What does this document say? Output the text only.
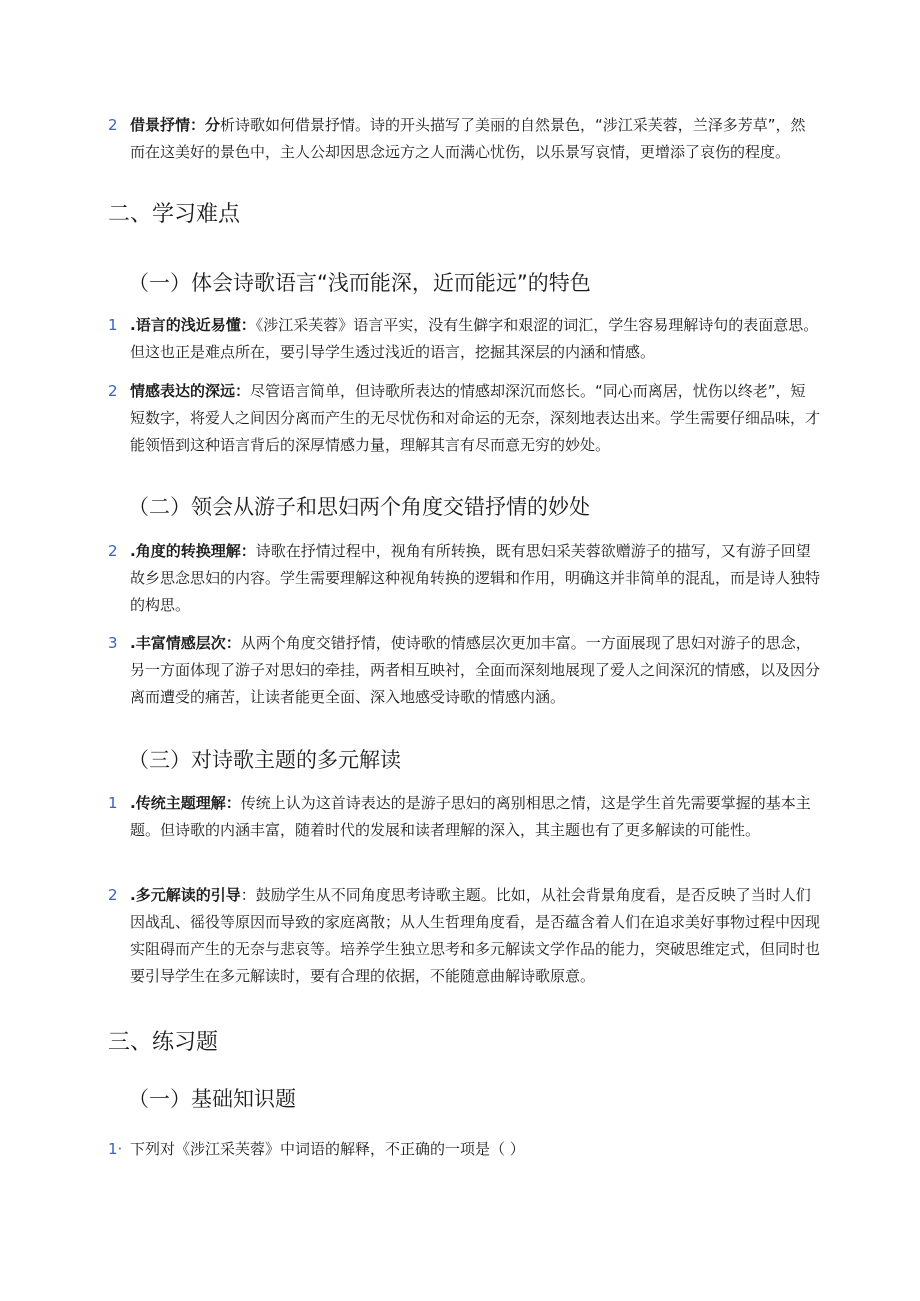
2 借景抒情：分析诗歌如何借景抒情。诗的开头描写了美丽的自然景色，“涉江采芙蓉，兰泽多芳草”，然而在这美好的景色中，主人公却因思念远方之人而满心忧伤，以乐景写哀情，更增添了哀伤的程度。
二、学习难点
（一）体会诗歌语言“浅而能深，近而能远”的特色
1 .语言的浅近易懂：《涉江采芙蓉》语言平实，没有生僻字和艰涩的词汇，学生容易理解诗句的表面意思。但这也正是难点所在，要引导学生透过浅近的语言，挖掘其深层的内涵和情感。
2 情感表达的深远：尽管语言简单，但诗歌所表达的情感却深沉而悠长。“同心而离居，忧伤以终老”，短短数字，将爱人之间因分离而产生的无尽忧伤和对命运的无奈，深刻地表达出来。学生需要仔细品味，才能领悟到这种语言背后的深厚情感力量，理解其言有尽而意无穷的妙处。
（二）领会从游子和思妇两个角度交错抒情的妙处
2 .角度的转换理解：诗歌在抒情过程中，视角有所转换，既有思妇采芙蓉欲赠游子的描写，又有游子回望故乡思念思妇的内容。学生需要理解这种视角转换的逻辑和作用，明确这并非简单的混乱，而是诗人独特的构思。
3 .丰富情感层次：从两个角度交错抒情，使诗歌的情感层次更加丰富。一方面展现了思妇对游子的思念，另一方面体现了游子对思妇的牵挂，两者相互映衬，全面而深刻地展现了爱人之间深沉的情感，以及因分离而遭受的痛苦，让读者能更全面、深入地感受诗歌的情感内涵。
（三）对诗歌主题的多元解读
1 .传统主题理解：传统上认为这首诗表达的是游子思妇的离别相思之情，这是学生首先需要掌握的基本主题。但诗歌的内涵丰富，随着时代的发展和读者理解的深入，其主题也有了更多解读的可能性。
2 .多元解读的引导：鼓励学生从不同角度思考诗歌主题。比如，从社会背景角度看，是否反映了当时人们因战乱、徭役等原因而导致的家庭离散；从人生哲理角度看，是否蕴含着人们在追求美好事物过程中因现实阻碍而产生的无奈与悲哀等。培养学生独立思考和多元解读文学作品的能力，突破思维定式，但同时也要引导学生在多元解读时，要有合理的依据，不能随意曲解诗歌原意。
三、练习题
（一）基础知识题
1· 下列对《涉江采芙蓉》中词语的解释，不正确的一项是（ ）
